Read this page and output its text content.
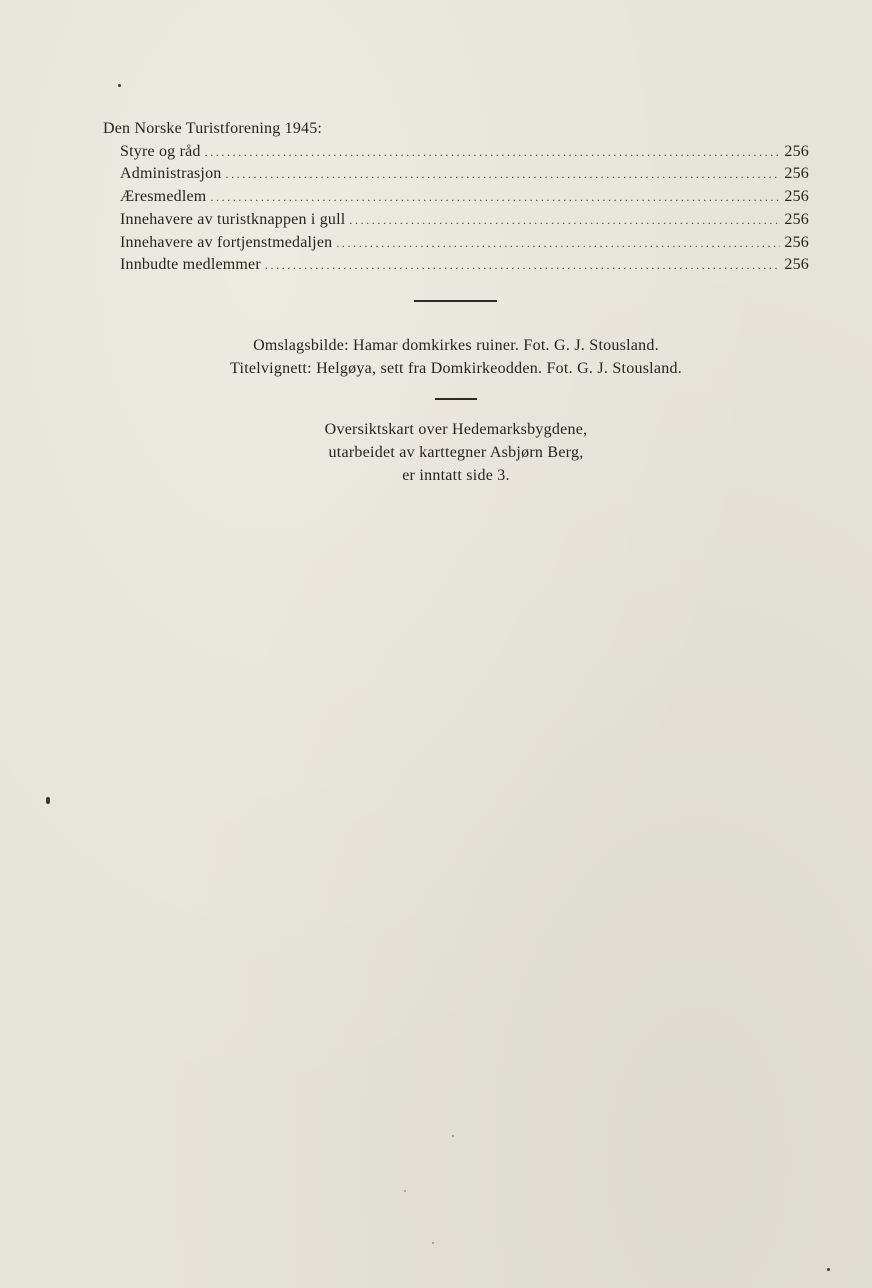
Den Norske Turistforening 1945:

Styre og råd .....	256
Administrasjon .....	256
Æresmedlem .....	256
Innehavere av turistknappen i gull .....	256
Innehavere av fortjenstmedaljen .....	256
Innbudte medlemmer .....	256
Omslagsbilde: Hamar domkirkes ruiner. Fot. G. J. Stousland.
Titelvignett: Helgøya, sett fra Domkirkeodden. Fot. G. J. Stousland.
Oversiktskart over Hedemarksbygdene,
utarbeidet av karttegner Asbjørn Berg,
er inntatt side 3.
